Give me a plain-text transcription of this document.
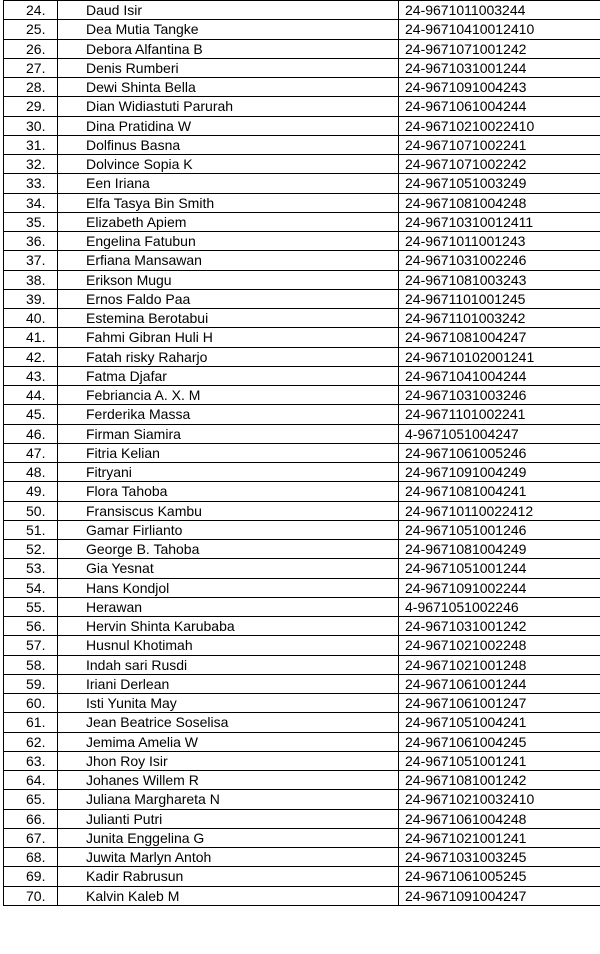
24.	Daud Isir	24-9671011003244
25.	Dea Mutia Tangke	24-96710410012410
26.	Debora Alfantina B	24-9671071001242
27.	Denis Rumberi	24-9671031001244
28.	Dewi Shinta Bella	24-9671091004243
29.	Dian Widiastuti Parurah	24-9671061004244
30.	Dina Pratidina W	24-96710210022410
31.	Dolfinus Basna	24-9671071002241
32.	Dolvince Sopia K	24-9671071002242
33.	Een Iriana	24-9671051003249
34.	Elfa Tasya Bin Smith	24-9671081004248
35.	Elizabeth Apiem	24-96710310012411
36.	Engelina Fatubun	24-9671011001243
37.	Erfiana Mansawan	24-9671031002246
38.	Erikson Mugu	24-9671081003243
39.	Ernos Faldo Paa	24-9671101001245
40.	Estemina Berotabui	24-9671101003242
41.	Fahmi Gibran Huli H	24-9671081004247
42.	Fatah risky Raharjo	24-96710102001241
43.	Fatma Djafar	24-9671041004244
44.	Febriancia A. X. M	24-9671031003246
45.	Ferderika Massa	24-9671101002241
46.	Firman Siamira	4-9671051004247
47.	Fitria Kelian	24-9671061005246
48.	Fitryani	24-9671091004249
49.	Flora Tahoba	24-9671081004241
50.	Fransiscus Kambu	24-96710110022412
51.	Gamar Firlianto	24-9671051001246
52.	George B. Tahoba	24-9671081004249
53.	Gia Yesnat	24-9671051001244
54.	Hans Kondjol	24-9671091002244
55.	Herawan	4-9671051002246
56.	Hervin Shinta Karubaba	24-9671031001242
57.	Husnul Khotimah	24-9671021002248
58.	Indah sari Rusdi	24-9671021001248
59.	Iriani Derlean	24-9671061001244
60.	Isti Yunita May	24-9671061001247
61.	Jean Beatrice Soselisa	24-9671051004241
62.	Jemima Amelia W	24-9671061004245
63.	Jhon Roy Isir	24-9671051001241
64.	Johanes Willem R	24-9671081001242
65.	Juliana Marghareta N	24-96710210032410
66.	Julianti Putri	24-9671061004248
67.	Junita Enggelina G	24-9671021001241
68.	Juwita Marlyn Antoh	24-9671031003245
69.	Kadir Rabrusun	24-9671061005245
70.	Kalvin Kaleb M	24-9671091004247
